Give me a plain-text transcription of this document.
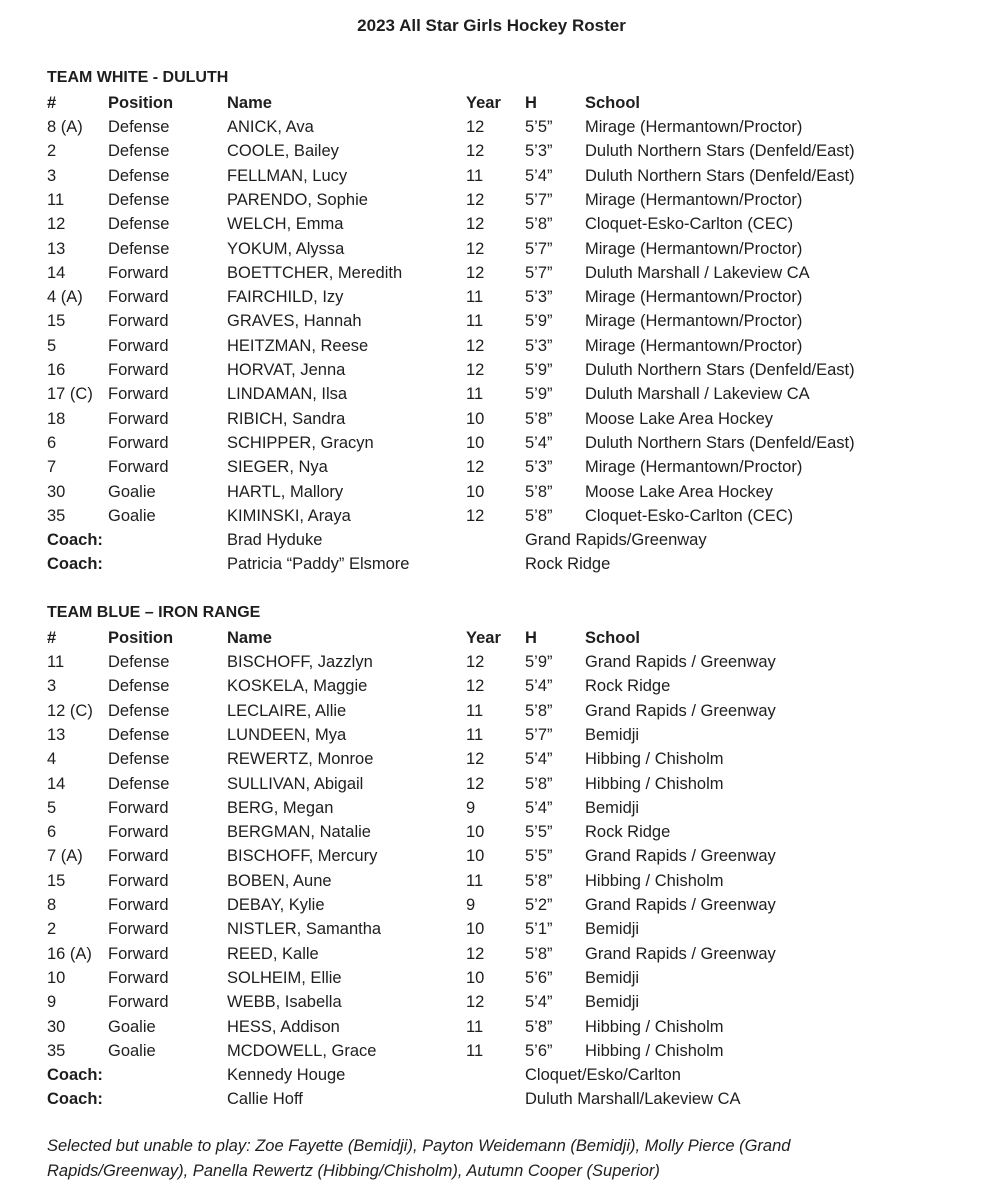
2023 All Star Girls Hockey Roster
TEAM WHITE - DULUTH
#	Position	Name	Year H	School
8 (A) Defense	ANICK, Ava	12 5’5” Mirage (Hermantown/Proctor)
2	Defense	COOLE, Bailey	12 5’3” Duluth Northern Stars (Denfeld/East)
3	Defense	FELLMAN, Lucy	11	5’4” Duluth Northern Stars (Denfeld/East)
11	Defense	PARENDO, Sophie	12 5’7” Mirage (Hermantown/Proctor)
12	Defense	WELCH, Emma	12 5’8” Cloquet-Esko-Carlton (CEC)
13	Defense	YOKUM, Alyssa	12 5’7” Mirage (Hermantown/Proctor)
14	Forward	BOETTCHER, Meredith	12 5’7” Duluth Marshall / Lakeview CA
4 (A) Forward	FAIRCHILD, Izy	11	5’3” Mirage (Hermantown/Proctor)
15	Forward	GRAVES, Hannah	11	5’9” Mirage (Hermantown/Proctor)
5	Forward	HEITZMAN, Reese	12 5’3” Mirage (Hermantown/Proctor)
16	Forward	HORVAT, Jenna	12 5’9” Duluth Northern Stars (Denfeld/East)
17 (C) Forward	LINDAMAN, Ilsa	11	5’9” Duluth Marshall / Lakeview CA
18	Forward	RIBICH, Sandra	10 5’8” Moose Lake Area Hockey
6	Forward	SCHIPPER, Gracyn	10 5’4” Duluth Northern Stars (Denfeld/East)
7	Forward	SIEGER, Nya	12 5’3” Mirage (Hermantown/Proctor)
30	Goalie	HARTL, Mallory	10 5’8” Moose Lake Area Hockey
35	Goalie	KIMINSKI, Araya	12 5’8” Cloquet-Esko-Carlton (CEC)
Coach:	Brad Hyduke	Grand Rapids/Greenway
Coach:	Patricia “Paddy” Elsmore	Rock Ridge
TEAM BLUE – IRON RANGE
#	Position	Name	Year H	School
11	Defense	BISCHOFF, Jazzlyn	12 5’9” Grand Rapids / Greenway
3	Defense	KOSKELA, Maggie	12 5’4” Rock Ridge
12 (C) Defense	LECLAIRE, Allie	11	5’8” Grand Rapids / Greenway
13	Defense	LUNDEEN, Mya	11	5’7” Bemidji
4	Defense	REWERTZ, Monroe	12 5’4” Hibbing / Chisholm
14	Defense	SULLIVAN, Abigail	12 5’8” Hibbing / Chisholm
5	Forward	BERG, Megan	9	5’4” Bemidji
6	Forward	BERGMAN, Natalie	10 5’5” Rock Ridge
7 (A) Forward	BISCHOFF, Mercury	10 5’5” Grand Rapids / Greenway
15	Forward	BOBEN, Aune	11	5’8” Hibbing / Chisholm
8	Forward	DEBAY, Kylie	9	5’2” Grand Rapids / Greenway
2	Forward	NISTLER, Samantha	10 5’1” Bemidji
16 (A) Forward	REED, Kalle	12 5’8” Grand Rapids / Greenway
10	Forward	SOLHEIM, Ellie	10 5’6” Bemidji
9	Forward	WEBB, Isabella	12 5’4” Bemidji
30	Goalie	HESS, Addison	11	5’8” Hibbing / Chisholm
35	Goalie	MCDOWELL, Grace	11	5’6” Hibbing / Chisholm
Coach:	Kennedy Houge	Cloquet/Esko/Carlton
Coach:	Callie Hoff	Duluth Marshall/Lakeview CA
Selected but unable to play: Zoe Fayette (Bemidji), Payton Weidemann (Bemidji), Molly Pierce (Grand Rapids/Greenway), Panella Rewertz (Hibbing/Chisholm), Autumn Cooper (Superior)
